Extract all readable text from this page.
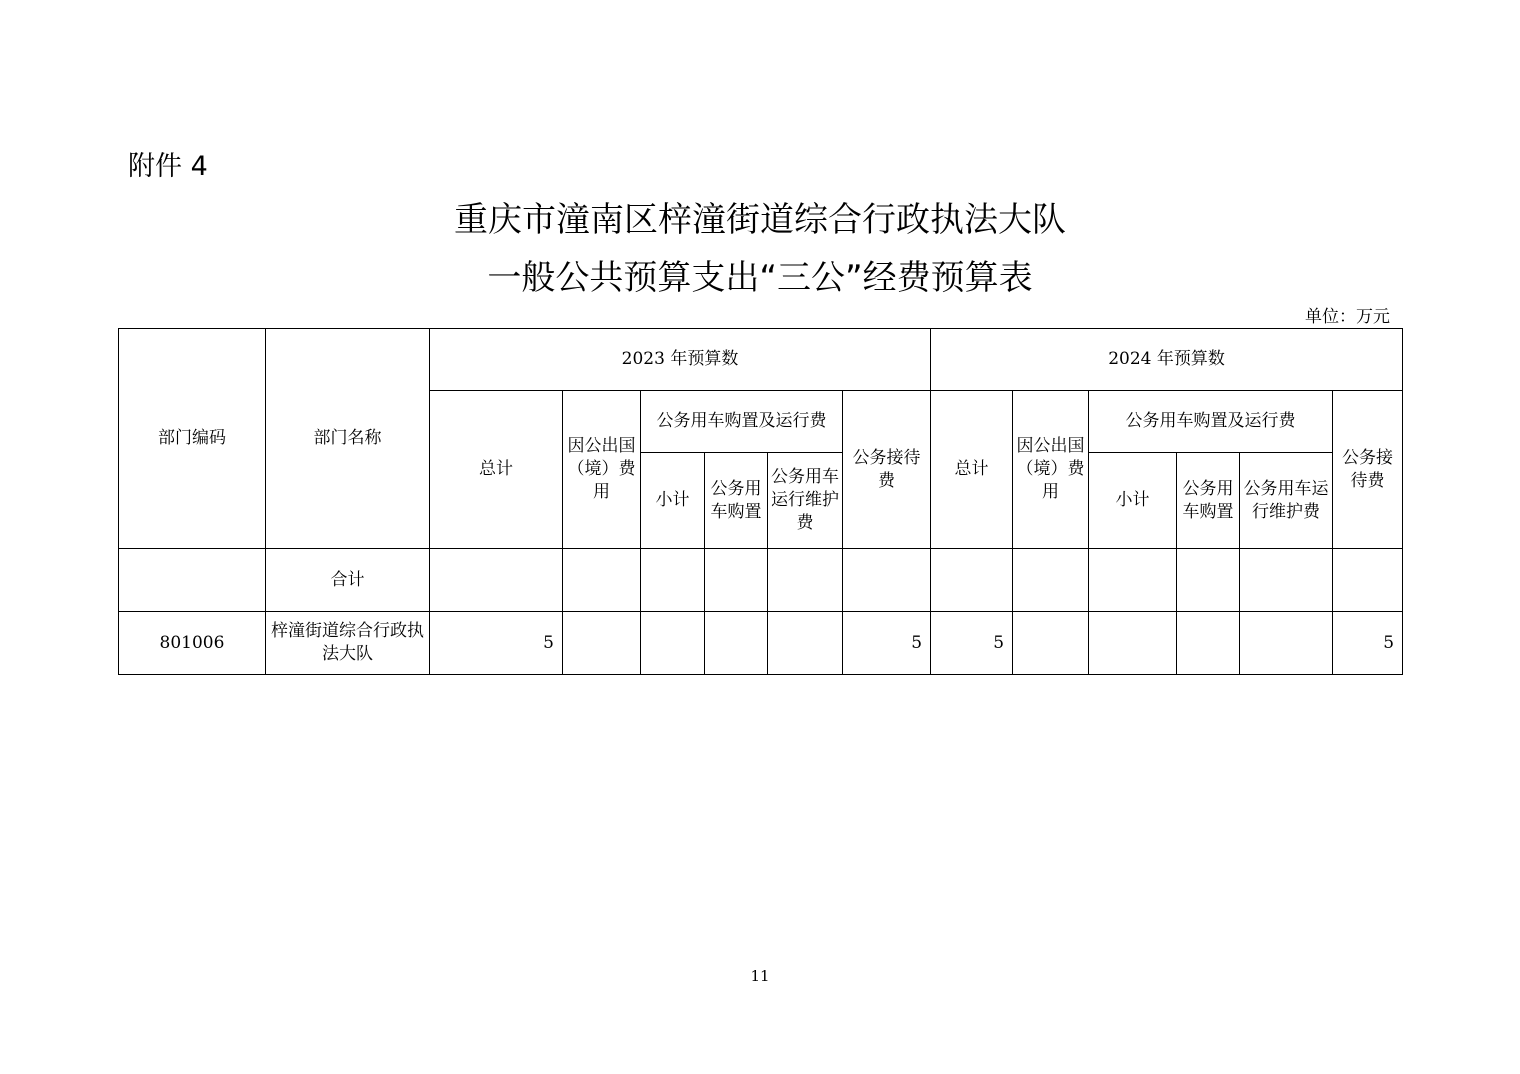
附件 4
重庆市潼南区梓潼街道综合行政执法大队
一般公共预算支出“三公”经费预算表
单位：万元
部门编码	部门名称	2023 年预算数						2024 年预算数					
		总计	因公出国（境）费用	公务用车购置及运行费			公务接待费	总计	因公出国（境）费用	公务用车购置及运行费			公务接待费
				小计	公务用车购置	公务用车运行维护费				小计	公务用车购置	公务用车运行维护费	
	合计												
801006	梓潼街道综合行政执法大队	5					5	5					5
11
